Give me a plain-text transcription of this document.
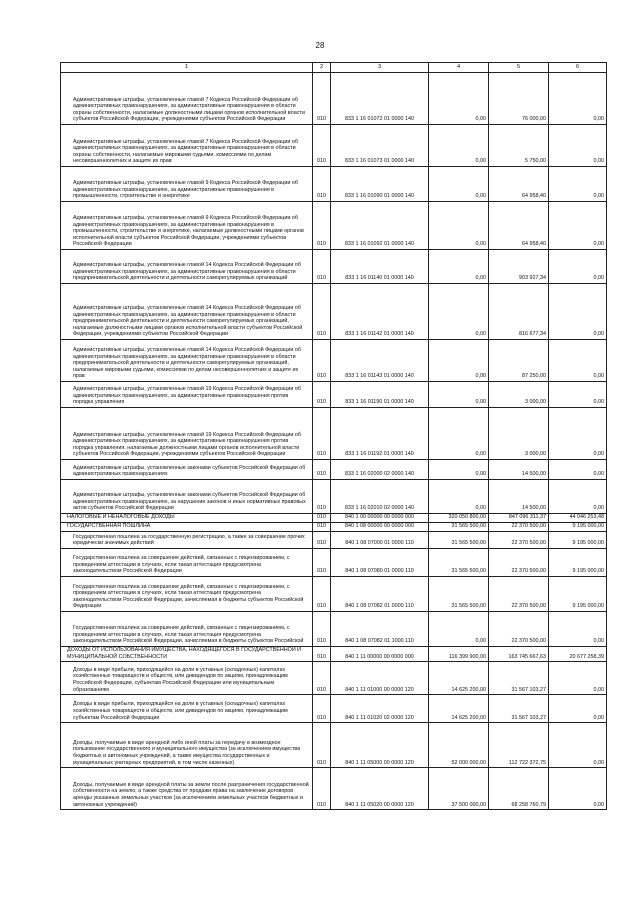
28
1	2	3	4	5	6

Административные штрафы, установленные главой 7 Кодекса Российской Федерации об административных правонарушениях, за административные правонарушения в области охраны собственности, налагаемые должностными лицами органов исполнительной власти субъектов Российской Федерации, учреждениями субъектов Российской Федерации	010	833 1 16 01072 01 0000 140	0,00	76 000,00	0,00

Административные штрафы, установленные главой 7 Кодекса Российской Федерации об административных правонарушениях, за административные правонарушения в области охраны собственности, налагаемые мировыми судьями, комиссиями по делам несовершеннолетних и защите их прав	010	833 1 16 01073 01 0000 140	0,00	5 750,00	0,00

Административные штрафы, установленные главой 9 Кодекса Российской Федерации об административных правонарушениях, за административные правонарушения в промышленности, строительстве и энергетике	010	833 1 16 01090 01 0000 140	0,00	64 958,40	0,00

Административные штрафы, установленные главой 9 Кодекса Российской Федерации об административных правонарушениях, за административные правонарушения в промышленности, строительстве и энергетике, налагаемые должностными лицами органов исполнительной власти субъектов Российской Федерации, учреждениями субъектов Российской Федерации	010	833 1 16 01092 01 0000 140	0,00	64 958,40	0,00

Административные штрафы, установленные главой 14 Кодекса Российской Федерации об административных правонарушениях, за административные правонарушения в области предпринимательской деятельности и деятельности саморегулируемых организаций	010	833 1 16 01140 01 0000 140	0,00	903 927,34	0,00

Административные штрафы, установленные главой 14 Кодекса Российской Федерации об административных правонарушениях, за административные правонарушения в области предпринимательской деятельности и деятельности саморегулируемых организаций, налагаемые должностными лицами органов исполнительной власти субъектов Российской Федерации, учреждениями субъектов Российской Федерации	010	833 1 16 01142 01 0000 140	0,00	816 677,34	0,00

Административные штрафы, установленные главой 14 Кодекса Российской Федерации об административных правонарушениях, за административные правонарушения в области предпринимательской деятельности и деятельности саморегулируемых организаций, налагаемые мировыми судьями, комиссиями по делам несовершеннолетних и защите их прав	010	833 1 16 01143 01 0000 140	0,00	87 250,00	0,00

Административные штрафы, установленные главой 19 Кодекса Российской Федерации об административных правонарушениях, за административные правонарушения против порядка управления	010	833 1 16 01190 01 0000 140	0,00	3 000,00	0,00

Административные штрафы, установленные главой 19 Кодекса Российской Федерации об административных правонарушениях, за административные правонарушения против порядка управления, налагаемые должностными лицами органов исполнительной власти субъектов Российской Федерации, учреждениями субъектов Российской Федерации	010	833 1 16 01192 01 0000 140	0,00	3 000,00	0,00

Административные штрафы, установленные законами субъектов Российской Федерации об административных правонарушениях	010	833 1 16 02000 02 0000 140	0,00	14 500,00	0,00

Административные штрафы, установленные законами субъектов Российской Федерации об административных правонарушениях, за нарушение законов и иных нормативных правовых актов субъектов Российской Федерации	010	833 1 16 02010 02 0000 140	0,00	14 500,00	0,00

НАЛОГОВЫЕ И НЕНАЛОГОВЫЕ ДОХОДЫ	010	840 1 00 00000 00 0000 000	320 050 800,00	847 096 311,37	44 046 253,48

ГОСУДАРСТВЕННАЯ ПОШЛИНА	010	840 1 08 00000 00 0000 000	31 565 500,00	22 370 500,00	9 195 000,00

Государственная пошлина за государственную регистрацию, а также за совершение прочих юридически значимых действий	010	840 1 08 07000 01 0000 110	31 565 500,00	22 370 500,00	9 195 000,00

Государственная пошлина за совершение действий, связанных с лицензированием, с проведением аттестации в случаях, если такая аттестация предусмотрена законодательством Российской Федерации	010	840 1 08 07080 01 0000 110	31 565 500,00	22 370 500,00	9 195 000,00

Государственная пошлина за совершение действий, связанных с лицензированием, с проведением аттестации в случаях, если такая аттестация предусмотрена законодательством Российской Федерации, зачисляемая в бюджеты субъектов Российской Федерации	010	840 1 08 07082 01 0000 110	31 565 500,00	22 370 500,00	9 195 000,00

Государственная пошлина за совершение действий, связанных с лицензированием, с проведением аттестации в случаях, если такая аттестация предусмотрена законодательством Российской Федерации, зачисляемая в бюджеты субъектов Российской	010	840 1 08 07082 01 1000 110	0,00	22 370 500,00	0,00

ДОХОДЫ ОТ ИСПОЛЬЗОВАНИЯ ИМУЩЕСТВА, НАХОДЯЩЕГОСЯ В ГОСУДАРСТВЕННОЙ И МУНИЦИПАЛЬНОЙ СОБСТВЕННОСТИ	010	840 1 11 00000 00 0000 000	116 399 900,00	163 745 667,63	20 677 258,39

Доходы в виде прибыли, приходящейся на доли в уставных (складочных) капиталах хозяйственных товариществ и обществ, или дивидендов по акциям, принадлежащим Российской Федерации, субъектам Российской Федерации или муниципальным образованиям	010	840 1 11 01000 00 0000 120	14 625 200,00	31 567 103,27	0,00

Доходы в виде прибыли, приходящейся на доли в уставных (складочных) капиталах хозяйственных товариществ и обществ, или дивидендов по акциям, принадлежащим субъектам Российской Федерации	010	840 1 11 01020 02 0000 120	14 625 200,00	31 567 103,27	0,00

Доходы, получаемые в виде арендной либо иной платы за передачу в возмездное пользование государственного и муниципального имущества (за исключением имущества бюджетных и автономных учреждений, а также имущества государственных и муниципальных унитарных предприятий, в том числе казенных)	010	840 1 11 05000 00 0000 120	52 000 000,00	112 722 372,75	0,00

Доходы, получаемые в виде арендной платы за земли после разграничения государственной собственности на землю, а также средства от продажи права на заключение договоров аренды указанных земельных участков (за исключением земельных участков бюджетных и автономных учреждений)	010	840 1 11 05020 00 0000 120	37 500 000,00	68 258 760,79	0,00
